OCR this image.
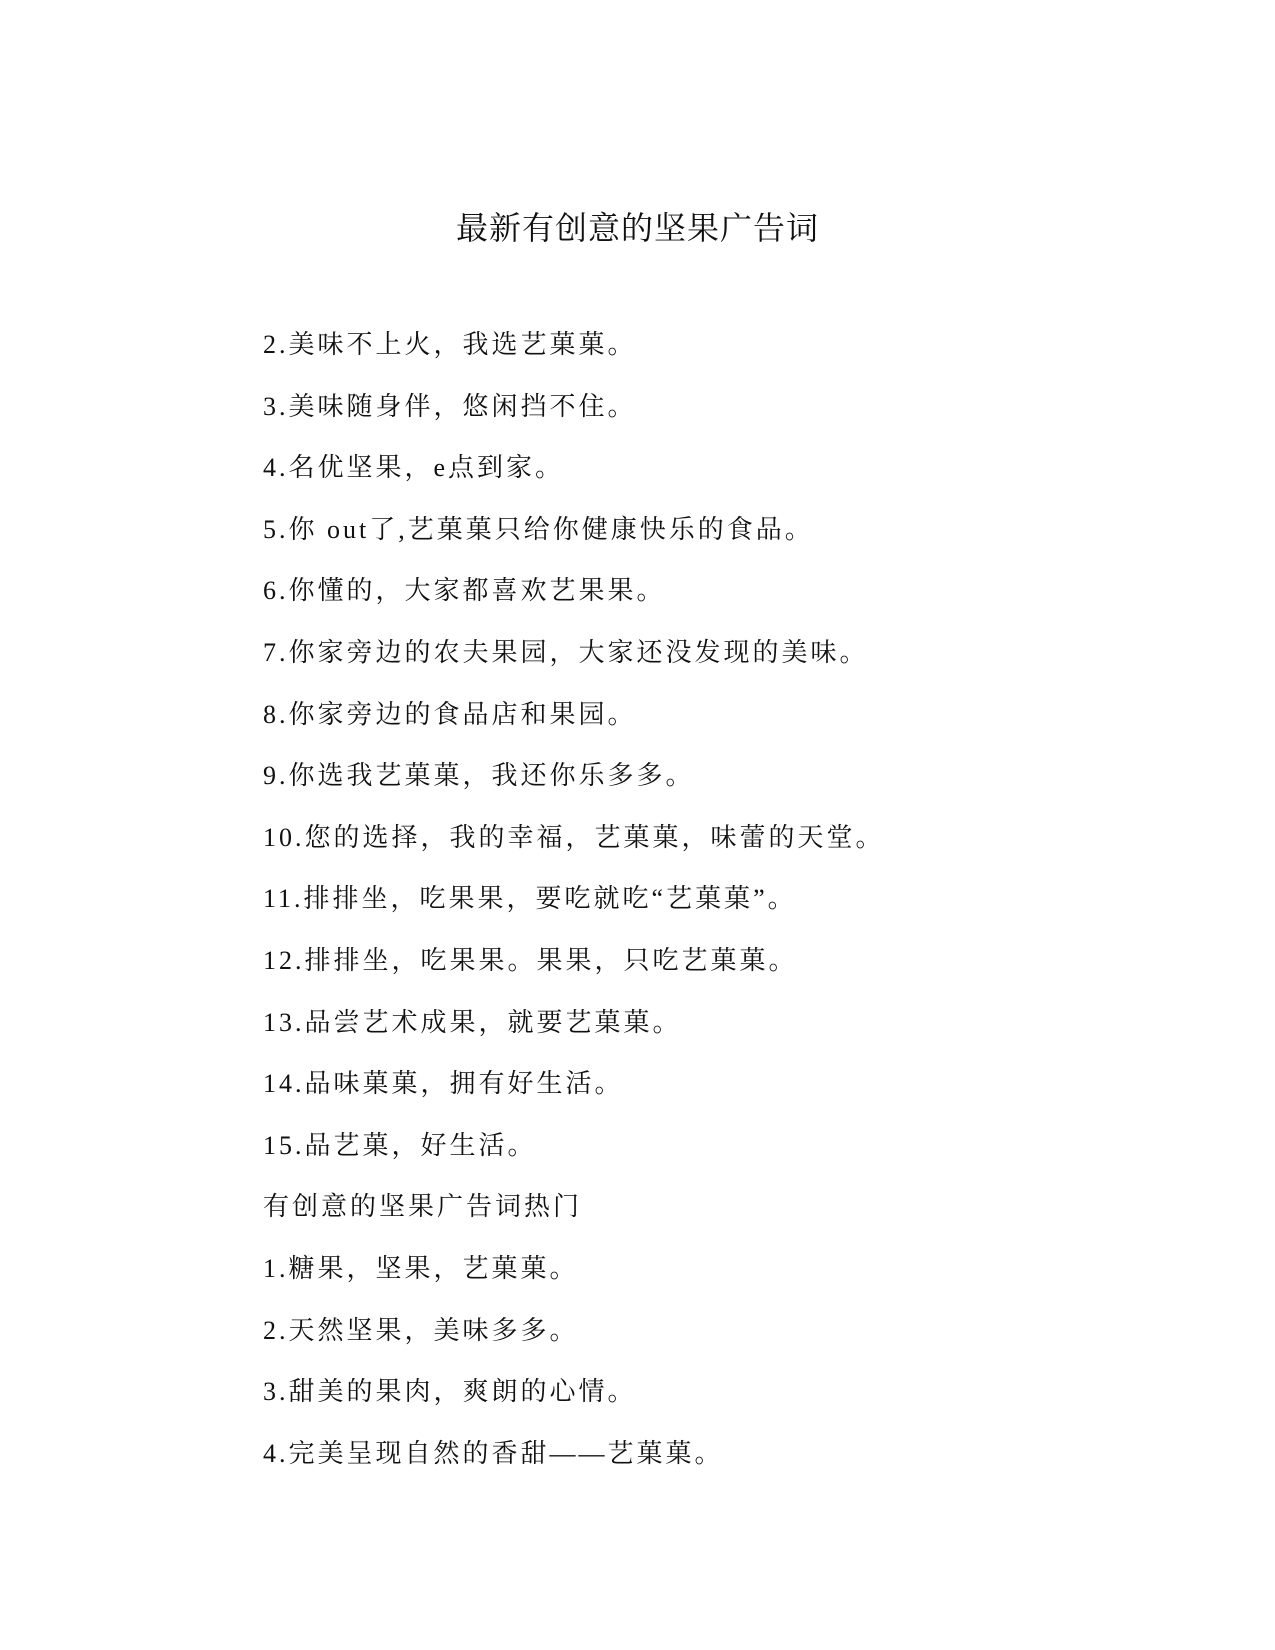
最新有创意的坚果广告词
2.美味不上火，我选艺菓菓。
3.美味随身伴，悠闲挡不住。
4.名优坚果，e点到家。
5.你 out了,艺菓菓只给你健康快乐的食品。
6.你懂的，大家都喜欢艺果果。
7.你家旁边的农夫果园，大家还没发现的美味。
8.你家旁边的食品店和果园。
9.你选我艺菓菓，我还你乐多多。
10.您的选择，我的幸福，艺菓菓，味蕾的天堂。
11.排排坐，吃果果，要吃就吃“艺菓菓”。
12.排排坐，吃果果。果果，只吃艺菓菓。
13.品尝艺术成果，就要艺菓菓。
14.品味菓菓，拥有好生活。
15.品艺菓，好生活。
有创意的坚果广告词热门
1.糖果，坚果，艺菓菓。
2.天然坚果，美味多多。
3.甜美的果肉，爽朗的心情。
4.完美呈现自然的香甜——艺菓菓。
